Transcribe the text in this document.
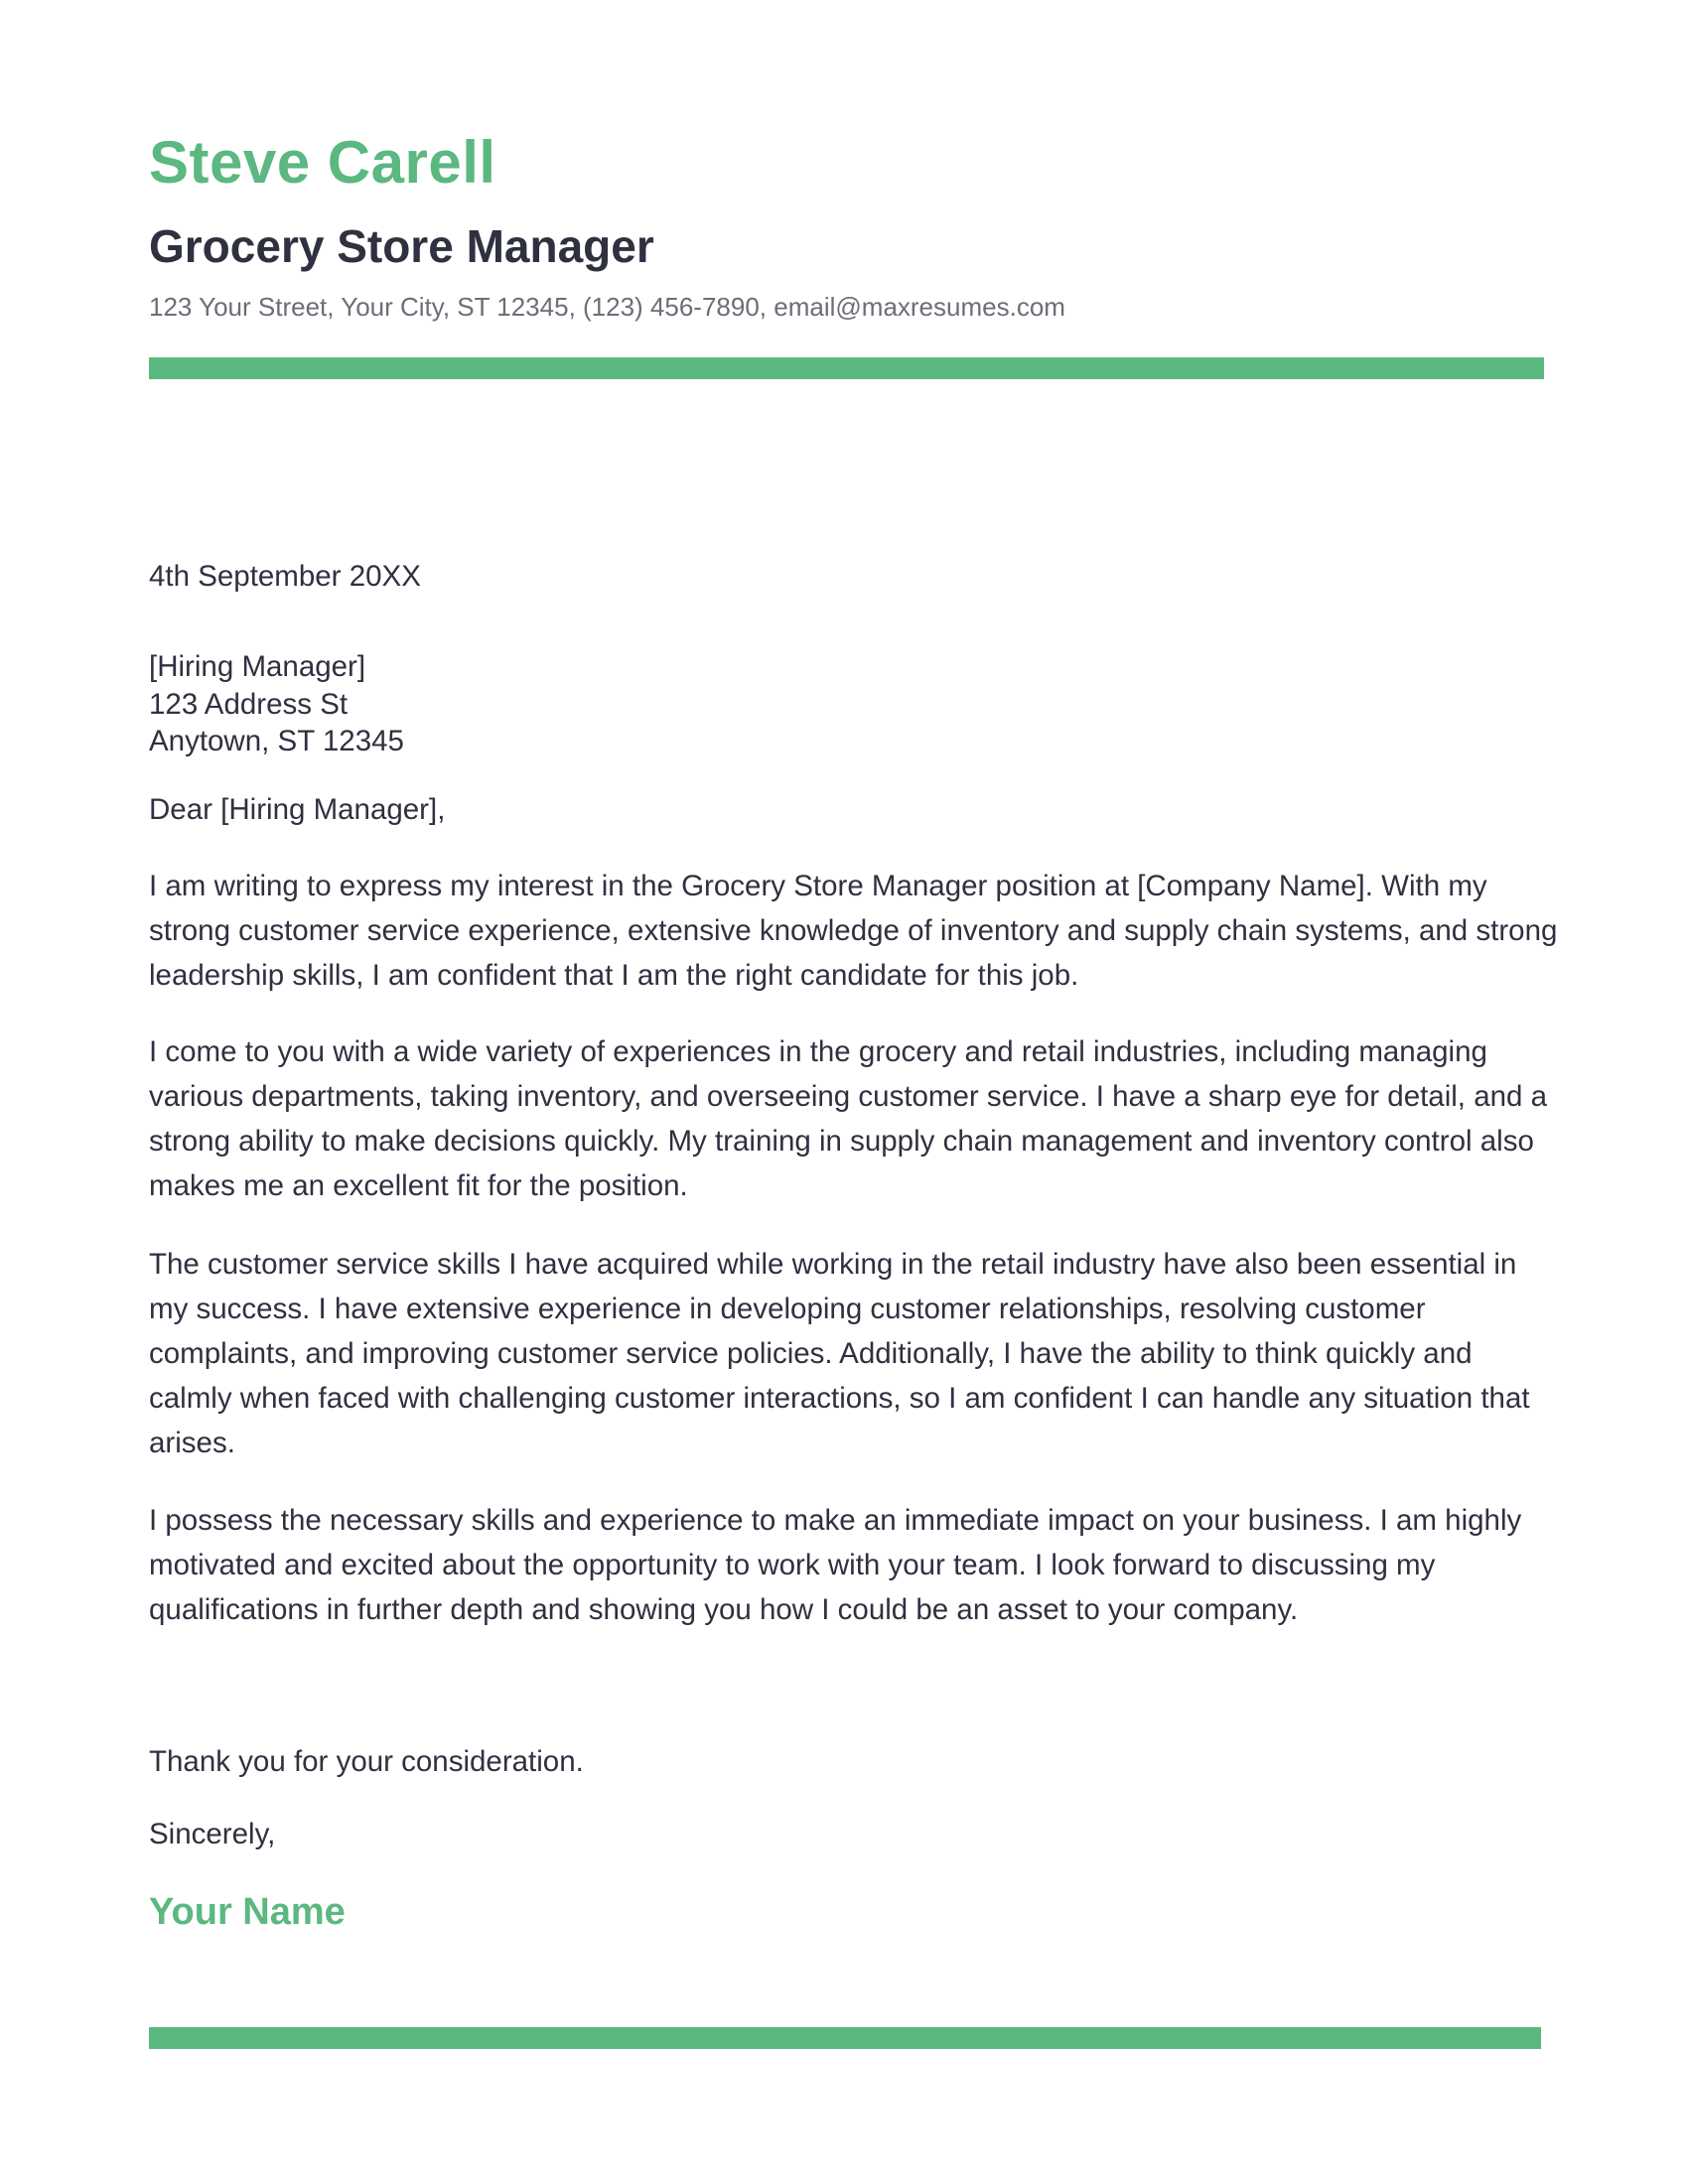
Steve Carell
Grocery Store Manager
123 Your Street, Your City, ST 12345, (123) 456-7890, email@maxresumes.com
4th September 20XX
[Hiring Manager]
123 Address St
Anytown, ST 12345
Dear [Hiring Manager],

I am writing to express my interest in the Grocery Store Manager position at [Company Name]. With my strong customer service experience, extensive knowledge of inventory and supply chain systems, and strong leadership skills, I am confident that I am the right candidate for this job.

I come to you with a wide variety of experiences in the grocery and retail industries, including managing various departments, taking inventory, and overseeing customer service. I have a sharp eye for detail, and a strong ability to make decisions quickly. My training in supply chain management and inventory control also makes me an excellent fit for the position.

The customer service skills I have acquired while working in the retail industry have also been essential in my success. I have extensive experience in developing customer relationships, resolving customer complaints, and improving customer service policies. Additionally, I have the ability to think quickly and calmly when faced with challenging customer interactions, so I am confident I can handle any situation that arises.

I possess the necessary skills and experience to make an immediate impact on your business. I am highly motivated and excited about the opportunity to work with your team. I look forward to discussing my qualifications in further depth and showing you how I could be an asset to your company.

Thank you for your consideration.
Sincerely,
Your Name
